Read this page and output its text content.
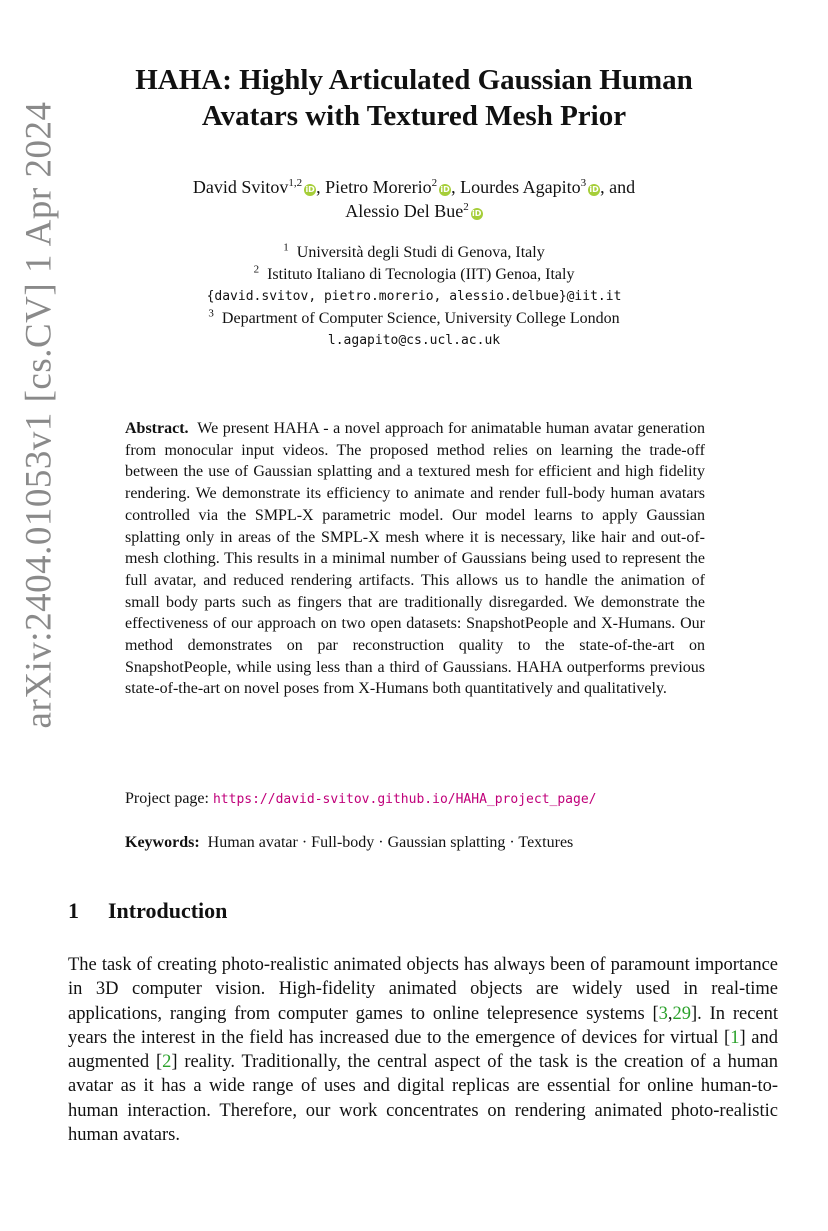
arXiv:2404.01053v1 [cs.CV] 1 Apr 2024
HAHA: Highly Articulated Gaussian Human
Avatars with Textured Mesh Prior
David Svitov$^{1,2}$iD, Pietro Morerio$^2$iD, Lourdes Agapito$^3$iD, and
Alessio Del Bue$^2$iD
$^1$ Università degli Studi di Genova, Italy
$^2$ Istituto Italiano di Tecnologia (IIT) Genoa, Italy
{david.svitov, pietro.morerio, alessio.delbue}@iit.it
$^3$ Department of Computer Science, University College London
l.agapito@cs.ucl.ac.uk
Abstract. We present HAHA - a novel approach for animatable human avatar generation from monocular input videos. The proposed method relies on learning the trade-off between the use of Gaussian splatting and a textured mesh for efficient and high fidelity rendering. We demonstrate its efficiency to animate and render full-body human avatars controlled via the SMPL-X parametric model. Our model learns to apply Gaussian splatting only in areas of the SMPL-X mesh where it is necessary, like hair and out-of-mesh clothing. This results in a minimal number of Gaussians being used to represent the full avatar, and reduced rendering artifacts. This allows us to handle the animation of small body parts such as fingers that are traditionally disregarded. We demonstrate the effectiveness of our approach on two open datasets: SnapshotPeople and X-Humans. Our method demonstrates on par reconstruction quality to the state-of-the-art on SnapshotPeople, while using less than a third of Gaussians. HAHA outperforms previous state-of-the-art on novel poses from X-Humans both quantitatively and qualitatively.
Project page: https://david-svitov.github.io/HAHA_project_page/
Keywords: Human avatar · Full-body · Gaussian splatting · Textures
1 Introduction
The task of creating photo-realistic animated objects has always been of paramount importance in 3D computer vision. High-fidelity animated objects are widely used in real-time applications, ranging from computer games to online telepresence systems [3,29]. In recent years the interest in the field has increased due to the emergence of devices for virtual [1] and augmented [2] reality. Traditionally, the central aspect of the task is the creation of a human avatar as it has a wide range of uses and digital replicas are essential for online human-to-human interaction. Therefore, our work concentrates on rendering animated photo-realistic human avatars.
